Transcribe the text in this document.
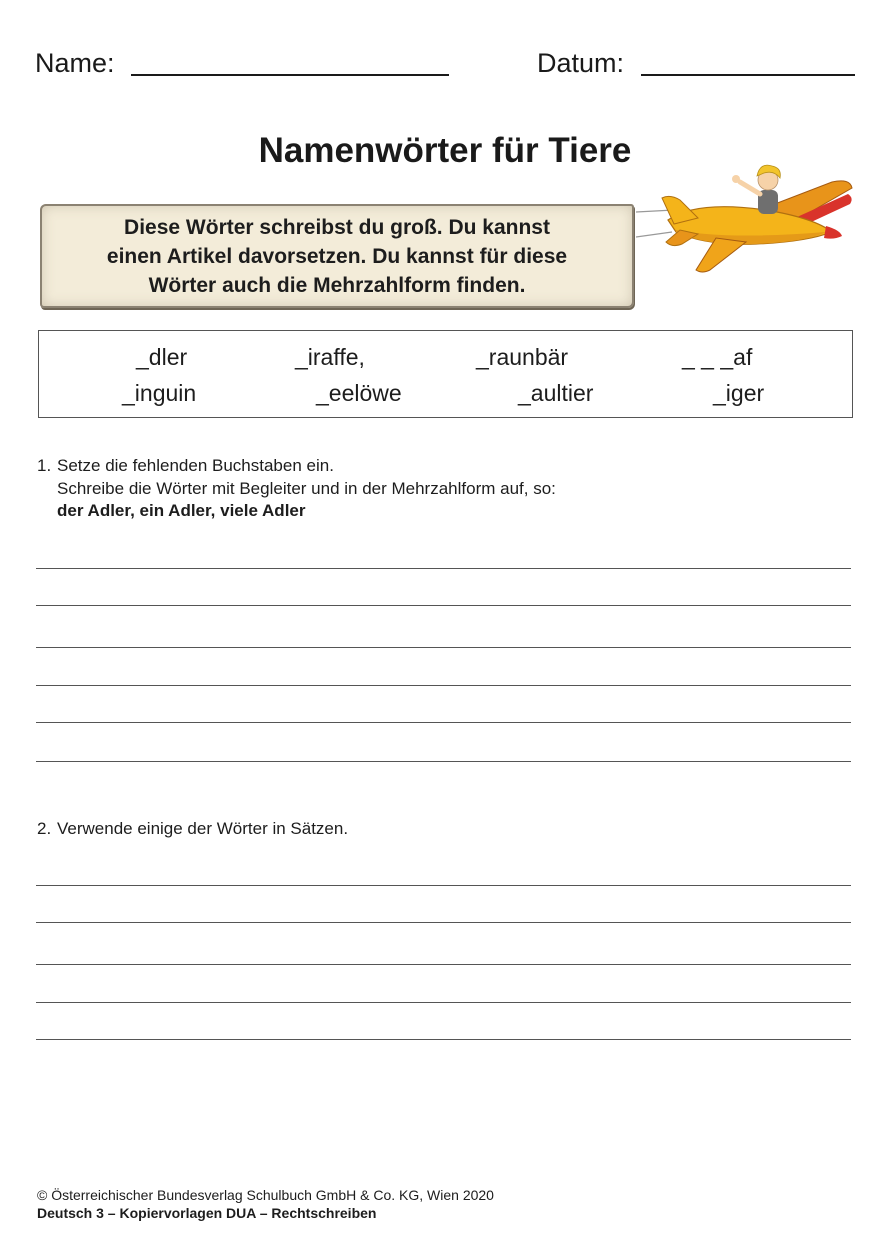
Name:	Datum:
Namenwörter für Tiere
Diese Wörter schreibst du groß. Du kannst
einen Artikel davorsetzen. Du kannst für diese
Wörter auch die Mehrzahlform finden.
_dler	_iraffe,	_raunbär	_ _ _af
_inguin	_eelöwe	_aultier	_iger
1. Setze die fehlenden Buchstaben ein.
Schreibe die Wörter mit Begleiter und in der Mehrzahlform auf, so:
der Adler, ein Adler, viele Adler
2. Verwende einige der Wörter in Sätzen.
© Österreichischer Bundesverlag Schulbuch GmbH & Co. KG, Wien 2020
Deutsch 3 – Kopiervorlagen DUA – Rechtschreiben
